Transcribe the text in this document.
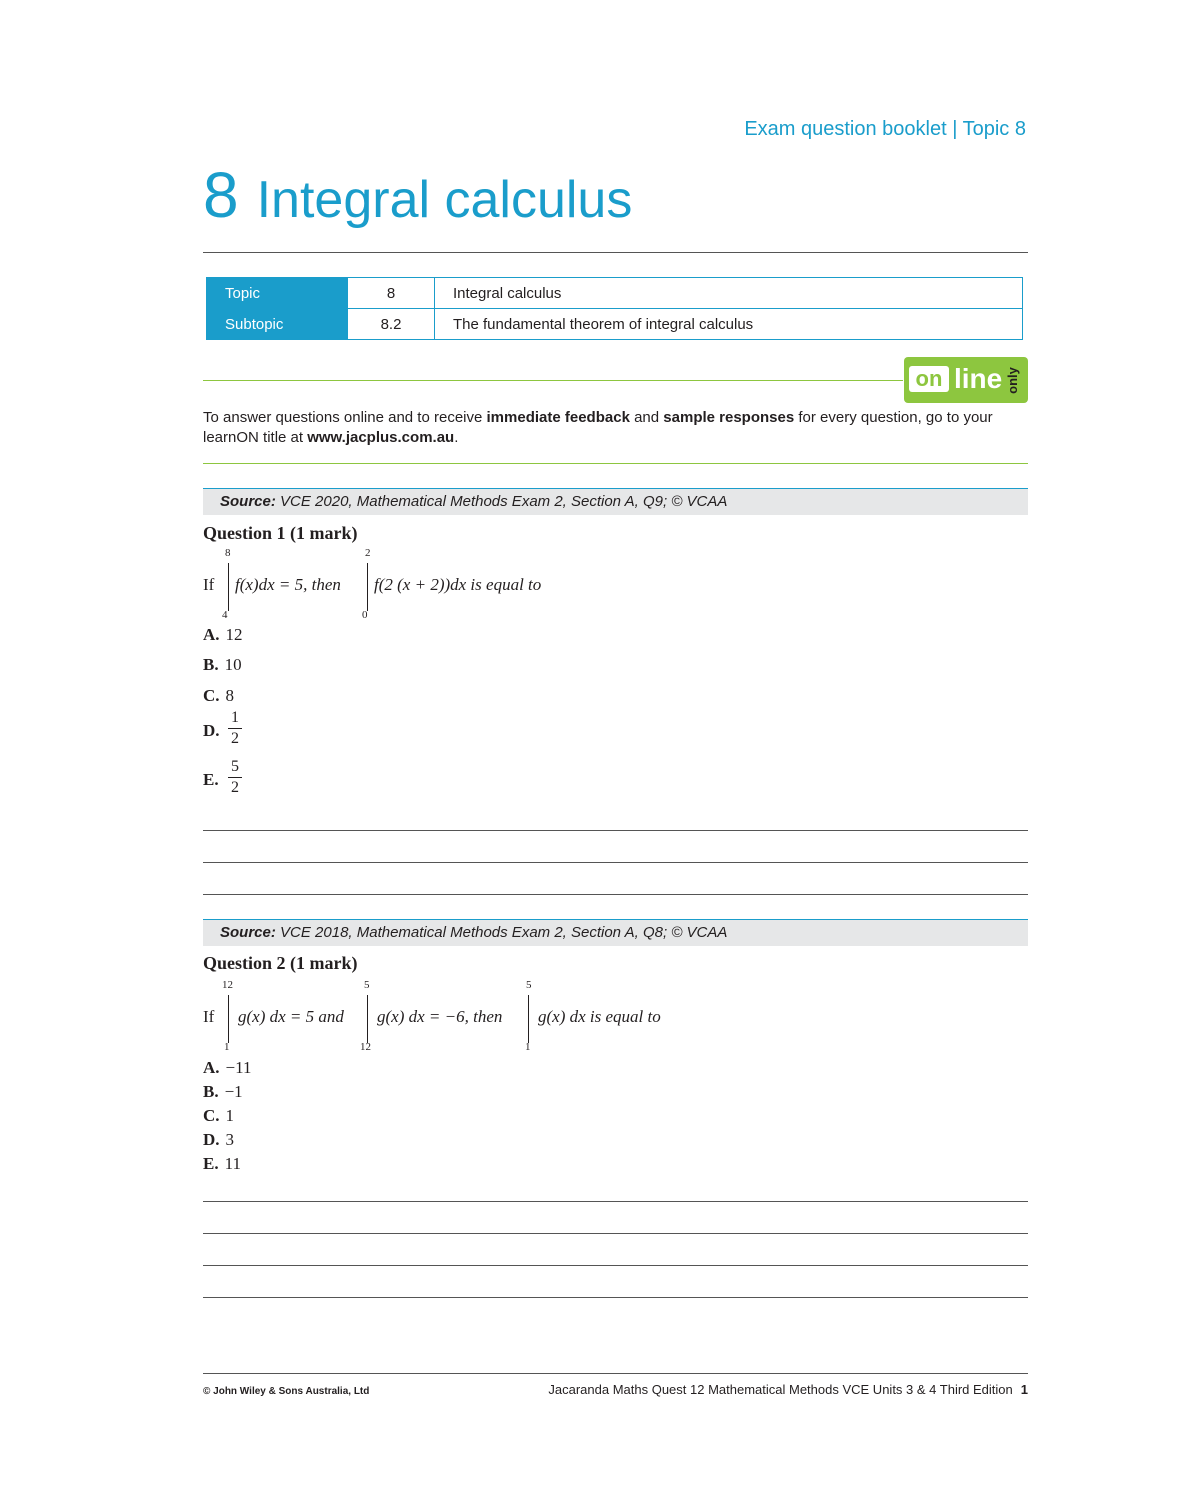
Exam question booklet | Topic 8
8 Integral calculus
Topic	8	Integral calculus
Subtopic	8.2	The fundamental theorem of integral calculus
on line only
To answer questions online and to receive immediate feedback and sample responses for every question, go to your learnON title at www.jacplus.com.au.
Source: VCE 2020, Mathematical Methods Exam 2, Section A, Q9; © VCAA
Question 1 (1 mark)
If
8
4
f(x)dx = 5, then
2
0
f(2 (x + 2))dx is equal to
A. 12
B. 10
C. 8
D.
1
2
E.
5
2
Source: VCE 2018, Mathematical Methods Exam 2, Section A, Q8; © VCAA
Question 2 (1 mark)
If
12
1
g(x) dx = 5 and
5
12
g(x) dx = −6, then
5
1
g(x) dx is equal to
A. −11
B. −1
C. 1
D. 3
E. 11
© John Wiley & Sons Australia, Ltd	Jacaranda Maths Quest 12 Mathematical Methods VCE Units 3 & 4 Third Edition 1
